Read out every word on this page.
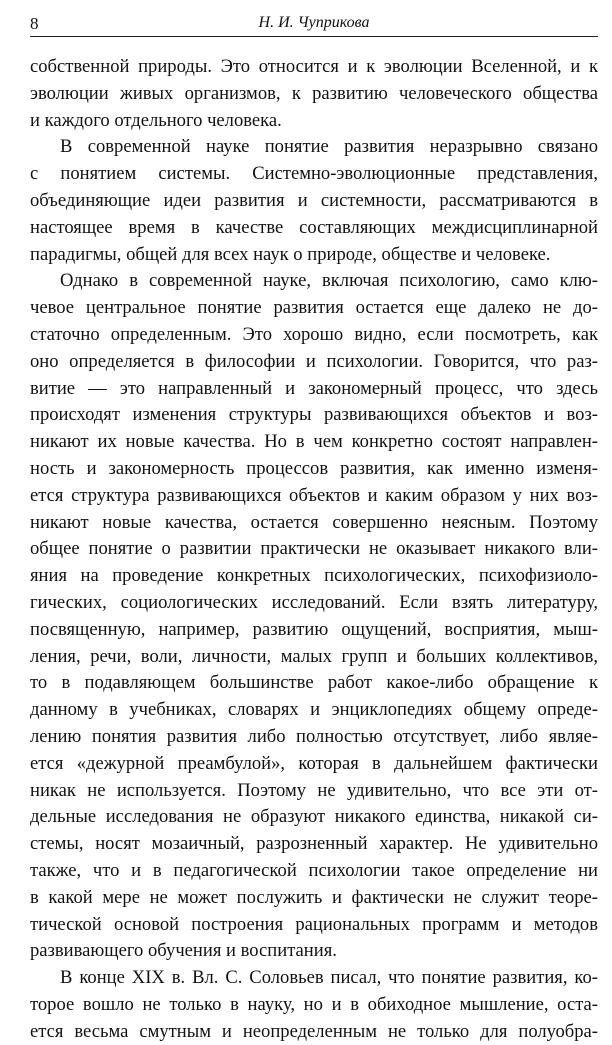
8	Н. И. Чуприкова
собственной природы. Это относится и к эволюции Вселенной, и к
эволюции живых организмов, к развитию человеческого общества
и каждого отдельного человека.
В современной науке понятие развития неразрывно связано
с понятием системы. Системно-эволюционные представления,
объединяющие идеи развития и системности, рассматриваются в
настоящее время в качестве составляющих междисциплинарной
парадигмы, общей для всех наук о природе, обществе и человеке.
Однако в современной науке, включая психологию, само клю-
чевое центральное понятие развития остается еще далеко не до-
статочно определенным. Это хорошо видно, если посмотреть, как
оно определяется в философии и психологии. Говорится, что раз-
витие — это направленный и закономерный процесс, что здесь
происходят изменения структуры развивающихся объектов и воз-
никают их новые качества. Но в чем конкретно состоят направлен-
ность и закономерность процессов развития, как именно изменя-
ется структура развивающихся объектов и каким образом у них воз-
никают новые качества, остается совершенно неясным. Поэтому
общее понятие о развитии практически не оказывает никакого вли-
яния на проведение конкретных психологических, психофизиоло-
гических, социологических исследований. Если взять литературу,
посвященную, например, развитию ощущений, восприятия, мыш-
ления, речи, воли, личности, малых групп и больших коллективов,
то в подавляющем большинстве работ какое-либо обращение к
данному в учебниках, словарях и энциклопедиях общему опреде-
лению понятия развития либо полностью отсутствует, либо являе-
ется «дежурной преамбулой», которая в дальнейшем фактически
никак не используется. Поэтому не удивительно, что все эти от-
дельные исследования не образуют никакого единства, никакой си-
стемы, носят мозаичный, разрозненный характер. Не удивительно
также, что и в педагогической психологии такое определение ни
в какой мере не может послужить и фактически не служит теоре-
тической основой построения рациональных программ и методов
развивающего обучения и воспитания.
В конце XIX в. Вл. С. Соловьев писал, что понятие развития, ко-
торое вошло не только в науку, но и в обиходное мышление, оста-
ется весьма смутным и неопределенным не только для полуобра-
